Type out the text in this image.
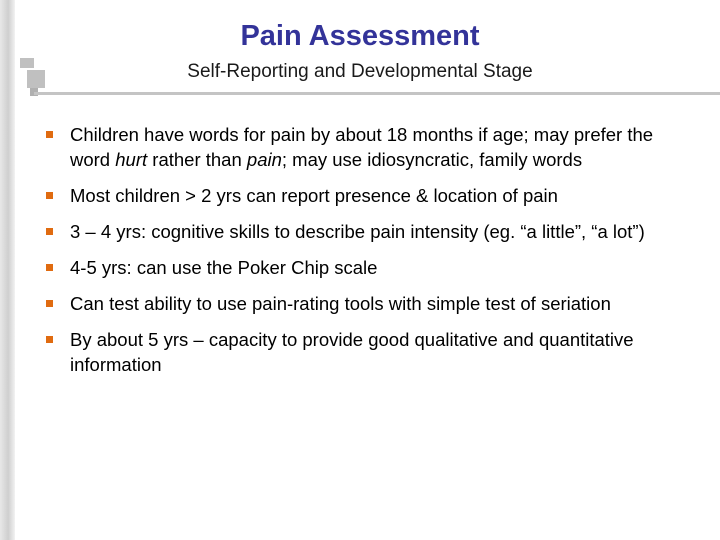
Pain Assessment
Self-Reporting and Developmental Stage
Children have words for pain by about 18 months if age; may prefer the word hurt rather than pain; may use idiosyncratic, family words
Most children > 2 yrs can report presence & location of pain
3 – 4 yrs: cognitive skills to describe pain intensity (eg. “a little”, “a lot”)
4-5 yrs: can use the Poker Chip scale
Can test ability to use pain-rating tools with simple test of seriation
By about 5 yrs – capacity to provide good qualitative and quantitative information
